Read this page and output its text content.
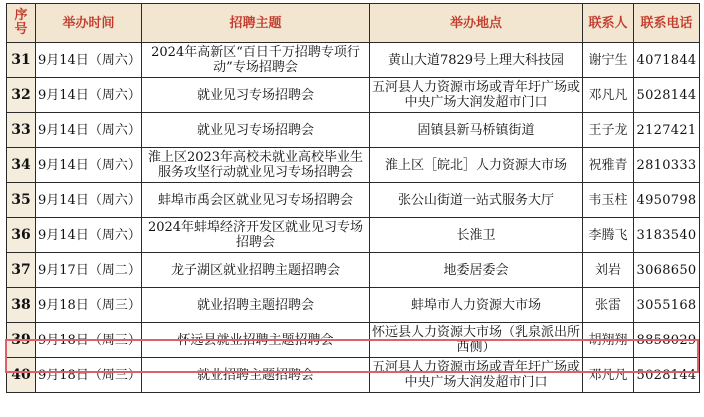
序号	举办时间	招聘主题	举办地点	联系人	联系电话
31	9月14日（周六）	2024年高新区“百日千万招聘专项行动”专场招聘会	黄山大道7829号上理大科技园	谢宁生	4071844
32	9月14日（周六）	就业见习专场招聘会	五河县人力资源市场或青年圩广场或中央广场大润发超市门口	邓凡凡	5028144
33	9月14日（周六）	就业见习专场招聘会	固镇县新马桥镇街道	王子龙	2127421
34	9月14日（周六）	淮上区2023年高校未就业高校毕业生服务攻坚行动就业见习专场招聘会	淮上区［皖北］人力资源大市场	祝雅青	2810333
35	9月14日（周六）	蚌埠市禹会区就业见习专场招聘会	张公山街道一站式服务大厅	韦玉柱	4950798
36	9月14日（周六）	2024年蚌埠经济开发区就业见习专场招聘会	长淮卫	李腾飞	3183540
37	9月17日（周二）	龙子湖区就业招聘主题招聘会	地委居委会	刘岩	3068650
38	9月18日（周三）	就业招聘主题招聘会	蚌埠市人力资源大市场	张雷	3055168
39	9月18日（周三）	怀远县就业招聘主题招聘会	怀远县人力资源大市场（乳泉派出所西侧）	胡翔翔	8858029
40	9月18日（周三）	就业招聘主题招聘会	五河县人力资源市场或青年圩广场或中央广场大润发超市门口	邓凡凡	5028144
